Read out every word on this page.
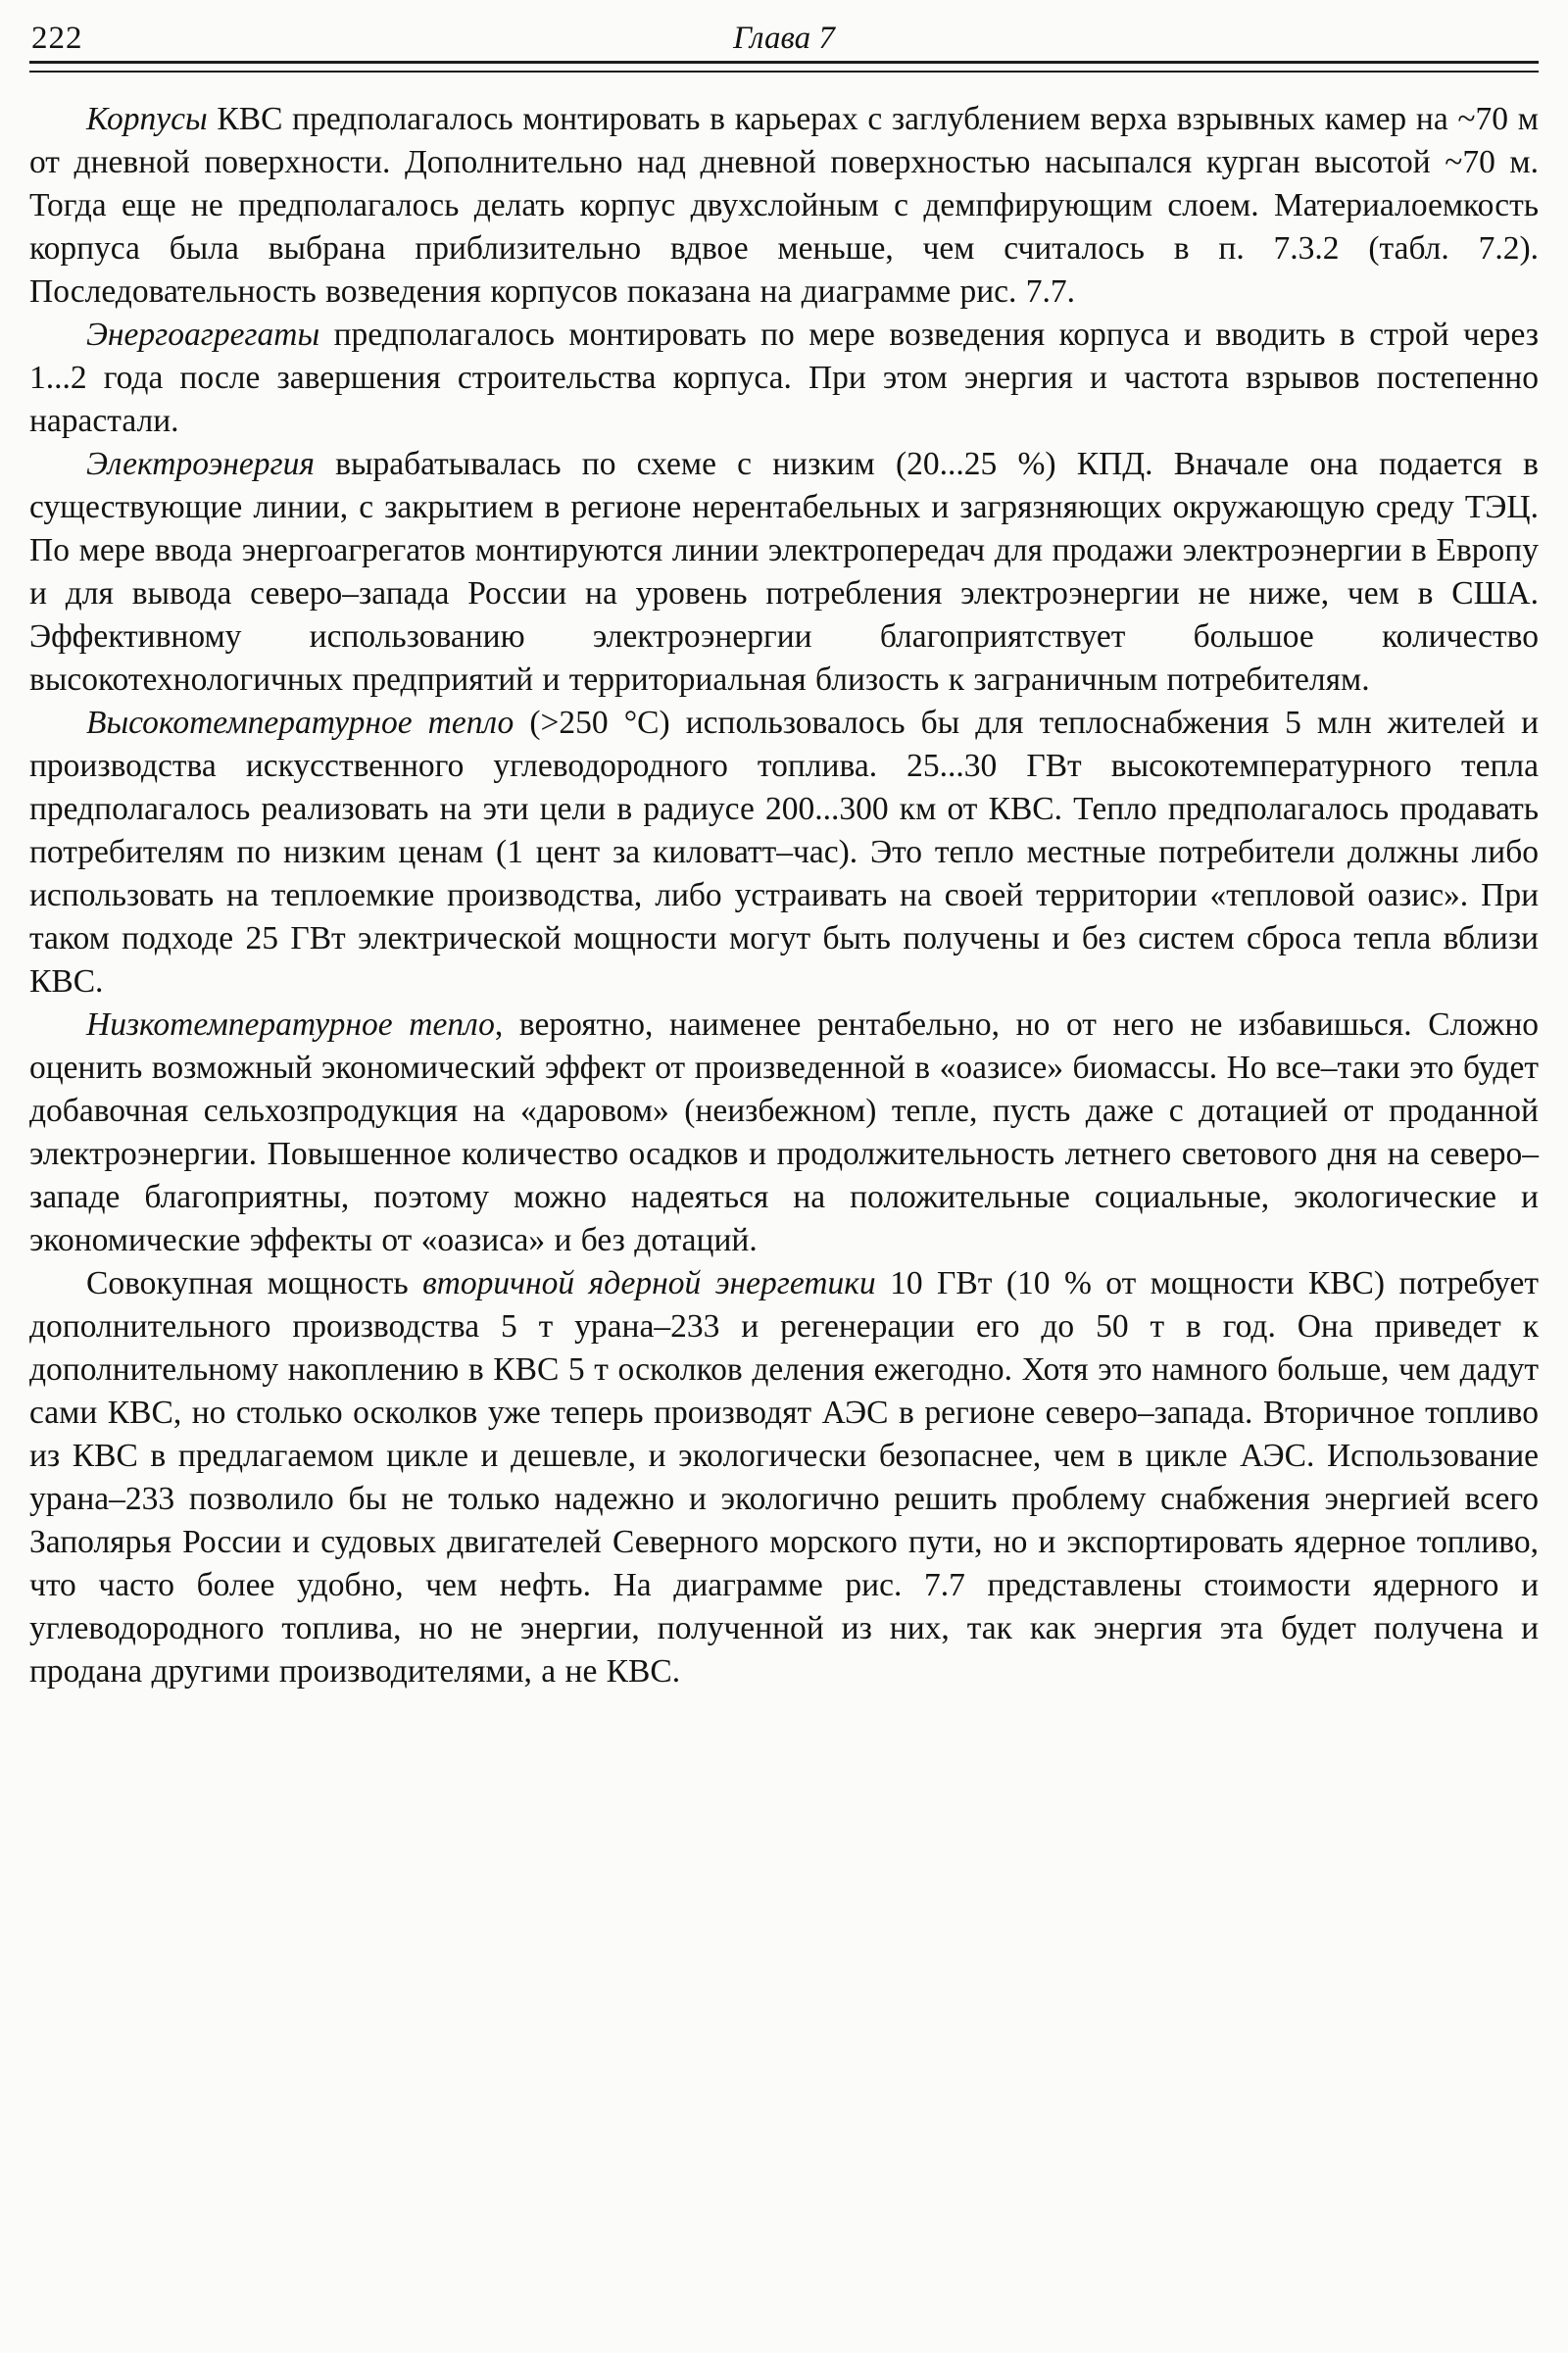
222	Глава 7

Корпусы КВС предполагалось монтировать в карьерах с заглублением верха взрывных камер на ~70 м от дневной поверхности. Дополнительно над дневной поверхностью насыпался курган высотой ~70 м. Тогда еще не предполагалось делать корпус двухслойным с демпфирующим слоем. Материалоемкость корпуса была выбрана приблизительно вдвое меньше, чем считалось в п. 7.3.2 (табл. 7.2). Последовательность возведения корпусов показана на диаграмме рис. 7.7.

Энергоагрегаты предполагалось монтировать по мере возведения корпуса и вводить в строй через 1...2 года после завершения строительства корпуса. При этом энергия и частота взрывов постепенно нарастали.

Электроэнергия вырабатывалась по схеме с низким (20...25 %) КПД. Вначале она подается в существующие линии, с закрытием в регионе нерентабельных и загрязняющих окружающую среду ТЭЦ. По мере ввода энергоагрегатов монтируются линии электропередач для продажи электроэнергии в Европу и для вывода северо–запада России на уровень потребления электроэнергии не ниже, чем в США. Эффективному использованию электроэнергии благоприятствует большое количество высокотехнологичных предприятий и территориальная близость к заграничным потребителям.

Высокотемпературное тепло (>250 °С) использовалось бы для теплоснабжения 5 млн жителей и производства искусственного углеводородного топлива. 25...30 ГВт высокотемпературного тепла предполагалось реализовать на эти цели в радиусе 200...300 км от КВС. Тепло предполагалось продавать потребителям по низким ценам (1 цент за киловатт–час). Это тепло местные потребители должны либо использовать на теплоемкие производства, либо устраивать на своей территории «тепловой оазис». При таком подходе 25 ГВт электрической мощности могут быть получены и без систем сброса тепла вблизи КВС.

Низкотемпературное тепло, вероятно, наименее рентабельно, но от него не избавишься. Сложно оценить возможный экономический эффект от произведенной в «оазисе» биомассы. Но все–таки это будет добавочная сельхозпродукция на «даровом» (неизбежном) тепле, пусть даже с дотацией от проданной электроэнергии. Повышенное количество осадков и продолжительность летнего светового дня на северо–западе благоприятны, поэтому можно надеяться на положительные социальные, экологические и экономические эффекты от «оазиса» и без дотаций.

Совокупная мощность вторичной ядерной энергетики 10 ГВт (10 % от мощности КВС) потребует дополнительного производства 5 т урана–233 и регенерации его до 50 т в год. Она приведет к дополнительному накоплению в КВС 5 т осколков деления ежегодно. Хотя это намного больше, чем дадут сами КВС, но столько осколков уже теперь производят АЭС в регионе северо–запада. Вторичное топливо из КВС в предлагаемом цикле и дешевле, и экологически безопаснее, чем в цикле АЭС. Использование урана–233 позволило бы не только надежно и экологично решить проблему снабжения энергией всего Заполярья России и судовых двигателей Северного морского пути, но и экспортировать ядерное топливо, что часто более удобно, чем нефть. На диаграмме рис. 7.7 представлены стоимости ядерного и углеводородного топлива, но не энергии, полученной из них, так как энергия эта будет получена и продана другими производителями, а не КВС.
